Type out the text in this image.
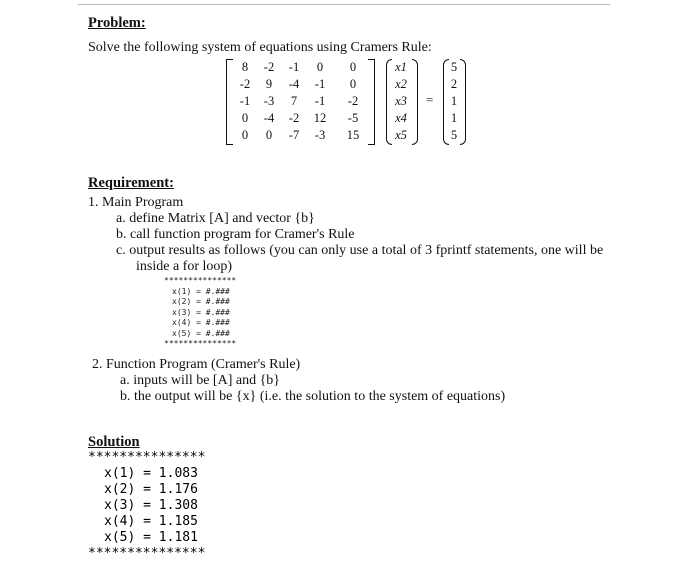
Problem:
Solve the following system of equations using Cramers Rule:
8	-2	-1	0	0
-2	9	-4	-1	0
-1	-3	7	-1	-2
0	-4	-2	12	-5
0	0	-7	-3	15
x1
x2
x3
x4
x5
=
5
2
1
1
5
Requirement:
1. Main Program
a. define Matrix [A] and vector {b}
b. call function program for Cramer's Rule
c. output results as follows (you can only use a total of 3 fprintf statements, one will be
inside a for loop)
***************
x(1) = #.###
x(2) = #.###
x(3) = #.###
x(4) = #.###
x(5) = #.###
***************
2. Function Program (Cramer's Rule)
a. inputs will be [A] and {b}
b. the output will be {x} (i.e. the solution to the system of equations)
Solution
***************
x(1) = 1.083
x(2) = 1.176
x(3) = 1.308
x(4) = 1.185
x(5) = 1.181
***************
